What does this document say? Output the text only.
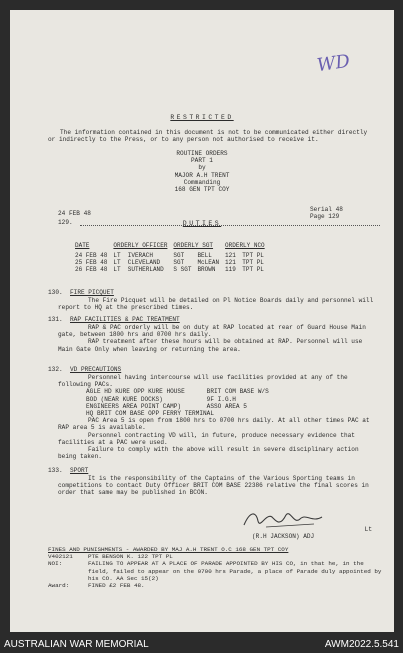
WD
RESTRICTED

The information contained in this document is not to be communicated either directly or indirectly to the Press, or to any person not authorised to receive it.

ROUTINE ORDERS
PART 1
by
MAJOR A.H TRENT
Commanding
168 GEN TPT COY
24 FEB 48
Serial 48
Page 129
129.	DUTIES
DATE	ORDERLY OFFICER		ORDERLY SGT		ORDERLY NCO	
24 FEB 48	LT	IVERACH	SGT	BELL	121	TPT PL
25 FEB 48	LT	CLEVELAND	SGT	McLEAN	121	TPT PL
26 FEB 48	LT	SUTHERLAND	S SGT	BROWN	119	TPT PL
130. FIRE PICQUET

The Fire Picquet will be detailed on Pl Notice Boards daily and personnel will report to HQ at the prescribed times.

131. RAP FACILITIES & PAC TREATMENT

RAP & PAC orderly will be on duty at RAP located at rear of Guard House Main gate, between 1800 hrs and 0700 hrs daily.

RAP treatment after these hours will be obtained at RAP. Personnel will use Main Gate Only when leaving or returning the area.

132. VD PRECAUTIONS

Personnel having intercourse will use facilities provided at any of the following PACs.

AGLE HD KURE OPP KURE HOUSE      BRIT COM BASE W/S
BOD (NEAR KURE DOCKS)            9F I.G.H
ENGINEERS AREA POINT CAMP)       ASSO AREA 5
HQ BRIT COM BASE OPP FERRY TERMINAL

PAC Area 5 is open from 1800 hrs to 0700 hrs daily. At all other times PAC at RAP area 5 is available.

Personnel contracting VD will, in future, produce necessary evidence that facilities at a PAC were used.

Failure to comply with the above will result in severe disciplinary action being taken.

133. SPORT

It is the responsibility of the Captains of the Various Sporting teams in competitions to contact Duty Officer BRIT COM BASE 22386 relative the final scores in order that same may be published in BCON.

Lt
(R.H JACKSON) ADJ
FINES AND PUNISHMENTS - AWARDED BY MAJ A.H TRENT O.C 168 GEN TPT COY
V402121	PTE BENSON K. 122 TPT PL
NOI:	FAILING TO APPEAR AT A PLACE OF PARADE APPOINTED BY HIS CO, in that he, in the field, failed to appear on the 0700 hrs Parade, a place of Parade duly appointed by his CO. AA Sec 15(2)
Award:	FINED £2 FEB 48.
AUSTRALIAN WAR MEMORIAL	AWM2022.5.541
